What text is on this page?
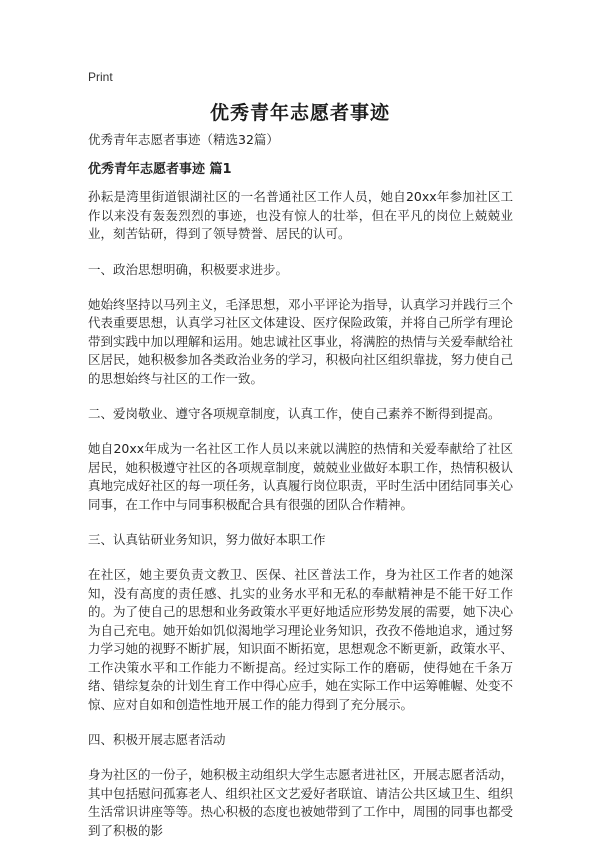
Print
优秀青年志愿者事迹

优秀青年志愿者事迹（精选32篇）

优秀青年志愿者事迹 篇1

孙耘是湾里街道银湖社区的一名普通社区工作人员，她自20xx年参加社区工作以来没有轰轰烈烈的事迹，也没有惊人的壮举，但在平凡的岗位上兢兢业业，刻苦钻研，得到了领导赞誉、居民的认可。

一、政治思想明确，积极要求进步。

她始终坚持以马列主义，毛泽思想，邓小平评论为指导，认真学习并践行三个代表重要思想，认真学习社区文体建设、医疗保险政策，并将自己所学有理论带到实践中加以理解和运用。她忠诚社区事业，将满腔的热情与关爱奉献给社区居民，她积极参加各类政治业务的学习，积极向社区组织靠拢，努力使自己的思想始终与社区的工作一致。

二、爱岗敬业、遵守各项规章制度，认真工作，使自己素养不断得到提高。

她自20xx年成为一名社区工作人员以来就以满腔的热情和关爱奉献给了社区居民，她积极遵守社区的各项规章制度，兢兢业业做好本职工作，热情积极认真地完成好社区的每一项任务，认真履行岗位职责，平时生活中团结同事关心同事，在工作中与同事积极配合具有很强的团队合作精神。

三、认真钻研业务知识，努力做好本职工作

在社区，她主要负责文教卫、医保、社区普法工作，身为社区工作者的她深知，没有高度的责任感、扎实的业务水平和无私的奉献精神是不能干好工作的。为了使自己的思想和业务政策水平更好地适应形势发展的需要，她下决心为自己充电。她开始如饥似渴地学习理论业务知识，孜孜不倦地追求，通过努力学习她的视野不断扩展，知识面不断拓宽，思想观念不断更新，政策水平、工作决策水平和工作能力不断提高。经过实际工作的磨砺，使得她在千条万绪、错综复杂的计划生育工作中得心应手，她在实际工作中运筹帷幄、处变不惊、应对自如和创造性地开展工作的能力得到了充分展示。

四、积极开展志愿者活动

身为社区的一份子，她积极主动组织大学生志愿者进社区，开展志愿者活动，其中包括慰问孤寡老人、组织社区文艺爱好者联谊、请洁公共区域卫生、组织生活常识讲座等等。热心积极的态度也被她带到了工作中，周围的同事也都受到了积极的影
